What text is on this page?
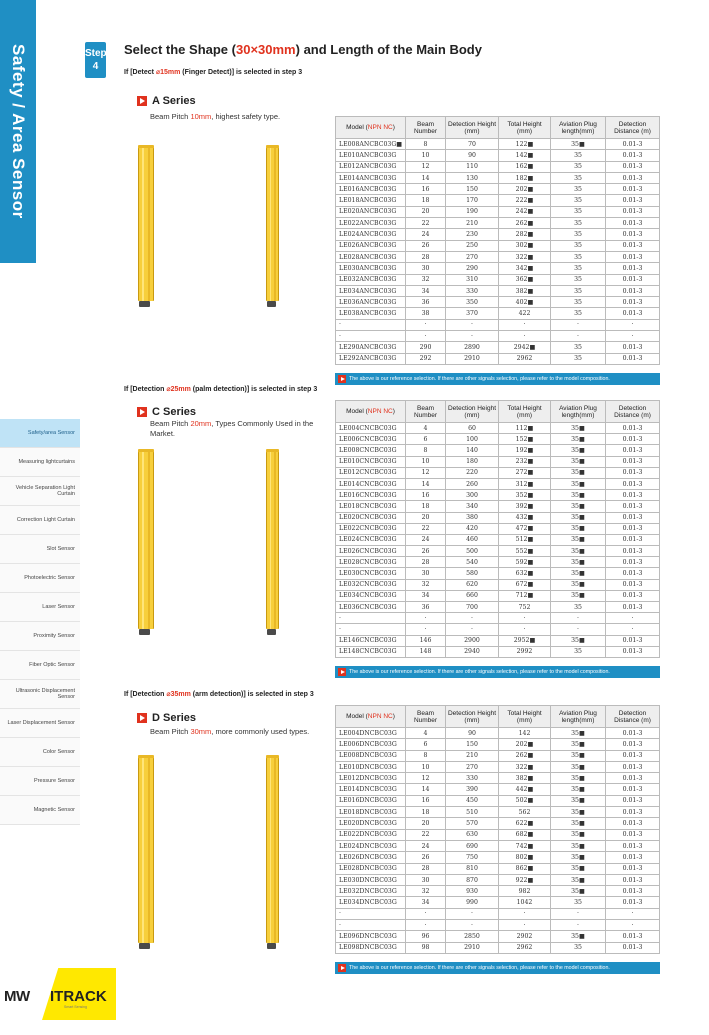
Safety / Area Sensor
Safety/area Sensor
Measuring lightcurtains
Vehicle Separation Light Curtain
Correction Light Curtain
Slot Sensor
Photoelectric Sensor
Laser Sensor
Proximity Sensor
Fiber Optic Sensor
Ultrasonic Displacement Sensor
Laser Displacement Sensor
Color Sensor
Pressure Sensor
Magnetic Sensor
MW ITRACK
Smart Sensing
Step
4
Select the Shape (30×30mm) and Length of the Main Body
If [Detect ⌀15mm (Finger Detect)] is selected in step 3
A Series
Beam Pitch 10mm, highest safety type.
Model (NPN NC)	Beam Number	Detection Height (mm)	Total Height (mm)	Aviation Plug length(mm)	Detection Distance (m)
LE008ANCBC03G■	8	70	122■	35■	0.01-3
LE010ANCBC03G	10	90	142■	35	0.01-3
LE012ANCBC03G	12	110	162■	35	0.01-3
LE014ANCBC03G	14	130	182■	35	0.01-3
LE016ANCBC03G	16	150	202■	35	0.01-3
LE018ANCBC03G	18	170	222■	35	0.01-3
LE020ANCBC03G	20	190	242■	35	0.01-3
LE022ANCBC03G	22	210	262■	35	0.01-3
LE024ANCBC03G	24	230	282■	35	0.01-3
LE026ANCBC03G	26	250	302■	35	0.01-3
LE028ANCBC03G	28	270	322■	35	0.01-3
LE030ANCBC03G	30	290	342■	35	0.01-3
LE032ANCBC03G	32	310	362■	35	0.01-3
LE034ANCBC03G	34	330	382■	35	0.01-3
LE036ANCBC03G	36	350	402■	35	0.01-3
LE038ANCBC03G	38	370	422	35	0.01-3
·	·	·	·	·	·
·	·	·	·	·	·
LE290ANCBC03G	290	2890	2942■	35	0.01-3
LE292ANCBC03G	292	2910	2962	35	0.01-3
The above is our reference selection. If there are other signals selection, please refer to the model composition.
If [Detection ⌀25mm (palm detection)] is selected in step 3
C Series
Beam Pitch 20mm, Types Commonly Used in the Market.
Model (NPN NC)	Beam Number	Detection Height (mm)	Total Height (mm)	Aviation Plug length(mm)	Detection Distance (m)
LE004CNCBC03G	4	60	112■	35■	0.01-3
LE006CNCBC03G	6	100	152■	35■	0.01-3
LE008CNCBC03G	8	140	192■	35■	0.01-3
LE010CNCBC03G	10	180	232■	35■	0.01-3
LE012CNCBC03G	12	220	272■	35■	0.01-3
LE014CNCBC03G	14	260	312■	35■	0.01-3
LE016CNCBC03G	16	300	352■	35■	0.01-3
LE018CNCBC03G	18	340	392■	35■	0.01-3
LE020CNCBC03G	20	380	432■	35■	0.01-3
LE022CNCBC03G	22	420	472■	35■	0.01-3
LE024CNCBC03G	24	460	512■	35■	0.01-3
LE026CNCBC03G	26	500	552■	35■	0.01-3
LE028CNCBC03G	28	540	592■	35■	0.01-3
LE030CNCBC03G	30	580	632■	35■	0.01-3
LE032CNCBC03G	32	620	672■	35■	0.01-3
LE034CNCBC03G	34	660	712■	35■	0.01-3
LE036CNCBC03G	36	700	752	35	0.01-3
·	·	·	·	·	·
·	·	·	·	·	·
LE146CNCBC03G	146	2900	2952■	35■	0.01-3
LE148CNCBC03G	148	2940	2992	35	0.01-3
The above is our reference selection. If there are other signals selection, please refer to the model composition.
If [Detection ⌀35mm (arm detection)] is selected in step 3
D Series
Beam Pitch 30mm, more commonly used types.
Model (NPN NC)	Beam Number	Detection Height (mm)	Total Height (mm)	Aviation Plug length(mm)	Detection Distance (m)
LE004DNCBC03G	4	90	142	35■	0.01-3
LE006DNCBC03G	6	150	202■	35■	0.01-3
LE008DNCBC03G	8	210	262■	35■	0.01-3
LE010DNCBC03G	10	270	322■	35■	0.01-3
LE012DNCBC03G	12	330	382■	35■	0.01-3
LE014DNCBC03G	14	390	442■	35■	0.01-3
LE016DNCBC03G	16	450	502■	35■	0.01-3
LE018DNCBC03G	18	510	562	35■	0.01-3
LE020DNCBC03G	20	570	622■	35■	0.01-3
LE022DNCBC03G	22	630	682■	35■	0.01-3
LE024DNCBC03G	24	690	742■	35■	0.01-3
LE026DNCBC03G	26	750	802■	35■	0.01-3
LE028DNCBC03G	28	810	862■	35■	0.01-3
LE030DNCBC03G	30	870	922■	35■	0.01-3
LE032DNCBC03G	32	930	982	35■	0.01-3
LE034DNCBC03G	34	990	1042	35	0.01-3
·	·	·	·	·	·
·	·	·	·	·	·
LE096DNCBC03G	96	2850	2902	35■	0.01-3
LE098DNCBC03G	98	2910	2962	35	0.01-3
The above is our reference selection. If there are other signals selection, please refer to the model composition.
